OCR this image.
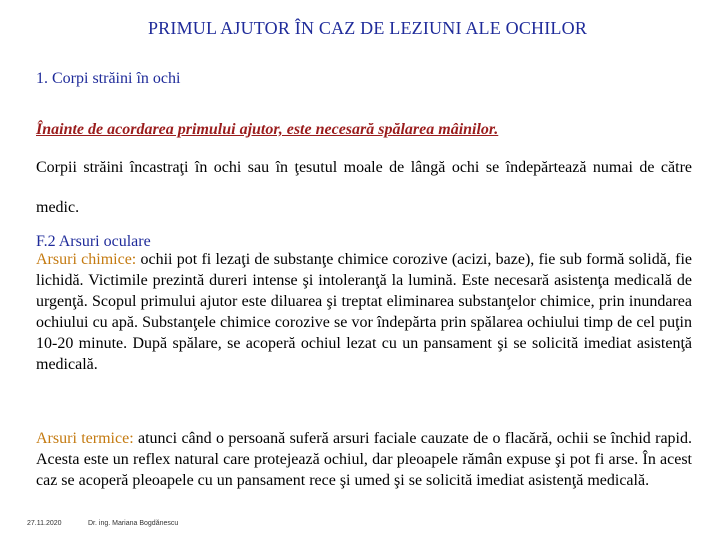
PRIMUL AJUTOR ÎN CAZ DE LEZIUNI ALE OCHILOR
1. Corpi străini în ochi
Înainte de acordarea primului ajutor, este necesară spălarea mâinilor.

Corpii străini încastraţi în ochi sau în ţesutul moale de lângă ochi se îndepărtează numai de către medic.

F.2 Arsuri oculare

Arsuri chimice: ochii pot fi lezaţi de substanţe chimice corozive (acizi, baze), fie sub formă solidă, fie lichidă. Victimile prezintă dureri intense şi intoleranţă la lumină. Este necesară asistenţa medicală de urgenţă. Scopul primului ajutor este diluarea şi treptat eliminarea substanţelor chimice, prin inundarea ochiului cu apă. Substanţele chimice corozive se vor îndepărta prin spălarea ochiului timp de cel puţin 10-20 minute. După spălare, se acoperă ochiul lezat cu un pansament şi se solicită imediat asistenţă medicală.

Arsuri termice: atunci când o persoană suferă arsuri faciale cauzate de o flacără, ochii se închid rapid. Acesta este un reflex natural care protejează ochiul, dar pleoapele rămân expuse şi pot fi arse. În acest caz se acoperă pleoapele cu un pansament rece şi umed şi se solicită imediat asistenţă medicală.

27.11.2020	Dr. ing. Mariana Bogdănescu
